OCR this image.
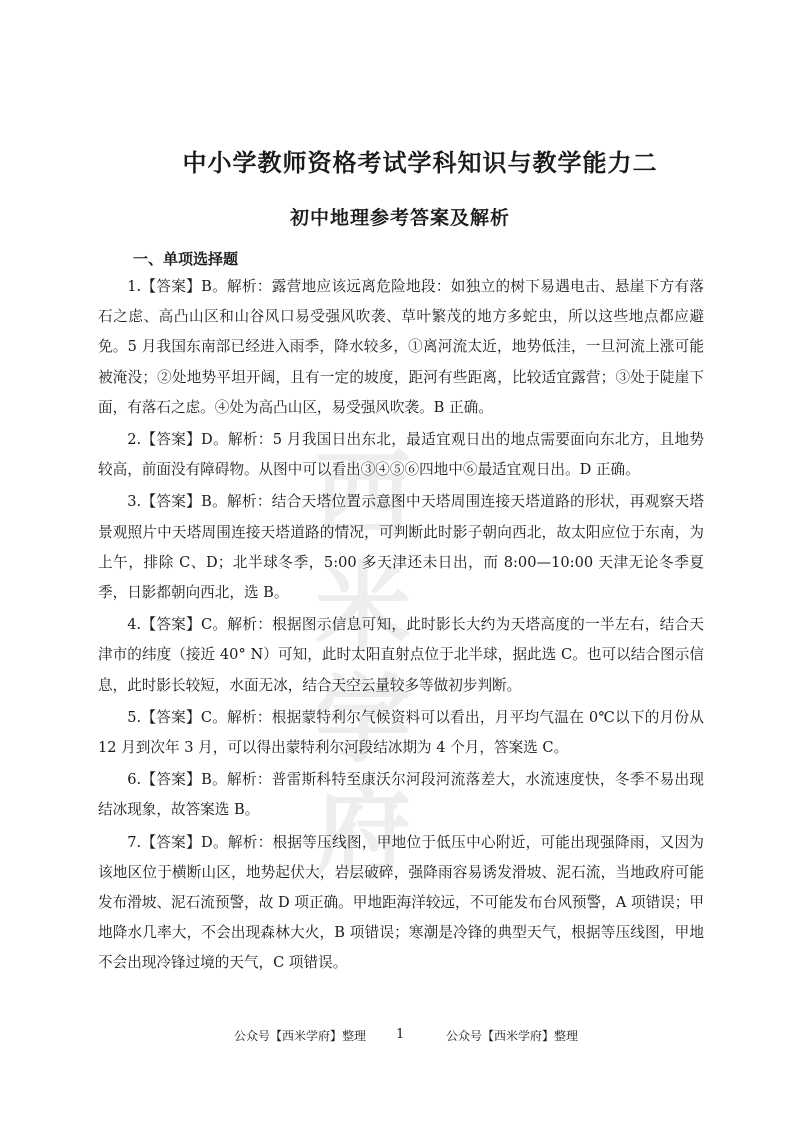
西米
学府
中小学教师资格考试学科知识与教学能力二
初中地理参考答案及解析
一、单项选择题

1.【答案】B。解析：露营地应该远离危险地段：如独立的树下易遇电击、悬崖下方有落石之虑、高凸山区和山谷风口易受强风吹袭、草叶繁茂的地方多蛇虫，所以这些地点都应避免。5 月我国东南部已经进入雨季，降水较多，①离河流太近，地势低洼，一旦河流上涨可能被淹没；②处地势平坦开阔，且有一定的坡度，距河有些距离，比较适宜露营；③处于陡崖下面，有落石之虑。④处为高凸山区，易受强风吹袭。B 正确。

2.【答案】D。解析：5 月我国日出东北，最适宜观日出的地点需要面向东北方，且地势较高，前面没有障碍物。从图中可以看出③④⑤⑥四地中⑥最适宜观日出。D 正确。

3.【答案】B。解析：结合天塔位置示意图中天塔周围连接天塔道路的形状，再观察天塔景观照片中天塔周围连接天塔道路的情况，可判断此时影子朝向西北，故太阳应位于东南，为上午，排除 C、D；北半球冬季，5:00 多天津还未日出，而 8:00—10:00 天津无论冬季夏季，日影都朝向西北，选 B。

4.【答案】C。解析：根据图示信息可知，此时影长大约为天塔高度的一半左右，结合天津市的纬度（接近 40° N）可知，此时太阳直射点位于北半球，据此选 C。也可以结合图示信息，此时影长较短，水面无冰，结合天空云量较多等做初步判断。

5.【答案】C。解析：根据蒙特利尔气候资料可以看出，月平均气温在 0℃以下的月份从 12 月到次年 3 月，可以得出蒙特利尔河段结冰期为 4 个月，答案选 C。

6.【答案】B。解析：普雷斯科特至康沃尔河段河流落差大，水流速度快，冬季不易出现结冰现象，故答案选 B。

7.【答案】D。解析：根据等压线图，甲地位于低压中心附近，可能出现强降雨，又因为该地区位于横断山区，地势起伏大，岩层破碎，强降雨容易诱发滑坡、泥石流，当地政府可能发布滑坡、泥石流预警，故 D 项正确。甲地距海洋较远，不可能发布台风预警，A 项错误；甲地降水几率大，不会出现森林大火，B 项错误；寒潮是冷锋的典型天气，根据等压线图，甲地不会出现冷锋过境的天气，C 项错误。

公众号【西米学府】整理 1	公众号【西米学府】整理
